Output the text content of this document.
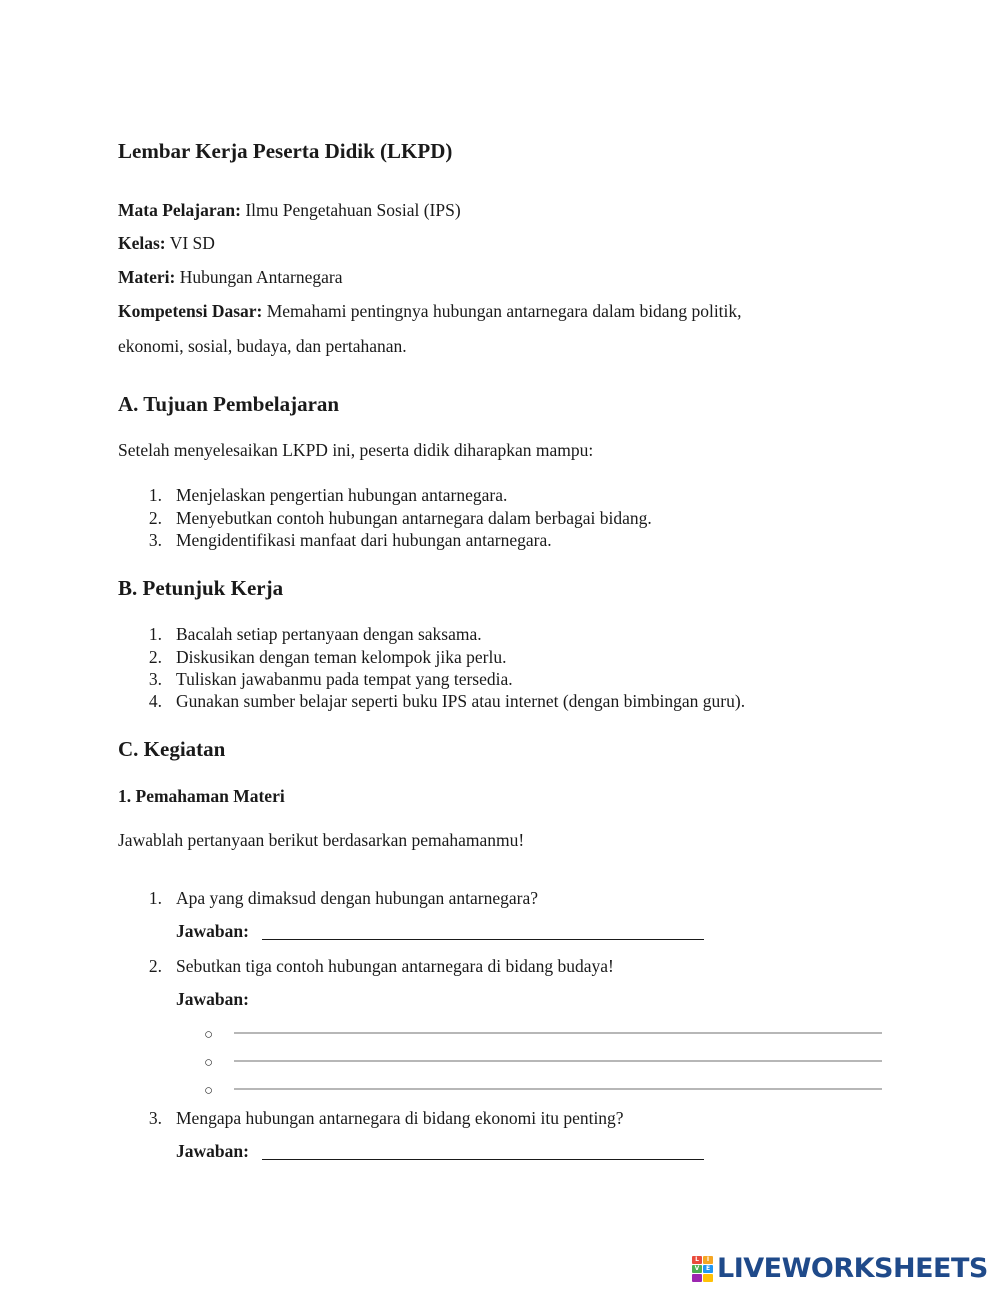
Lembar Kerja Peserta Didik (LKPD)
Mata Pelajaran: Ilmu Pengetahuan Sosial (IPS)
Kelas: VI SD
Materi: Hubungan Antarnegara
Kompetensi Dasar: Memahami pentingnya hubungan antarnegara dalam bidang politik,
ekonomi, sosial, budaya, dan pertahanan.
A. Tujuan Pembelajaran
Setelah menyelesaikan LKPD ini, peserta didik diharapkan mampu:
1. Menjelaskan pengertian hubungan antarnegara.
2. Menyebutkan contoh hubungan antarnegara dalam berbagai bidang.
3. Mengidentifikasi manfaat dari hubungan antarnegara.
B. Petunjuk Kerja
1. Bacalah setiap pertanyaan dengan saksama.
2. Diskusikan dengan teman kelompok jika perlu.
3. Tuliskan jawabanmu pada tempat yang tersedia.
4. Gunakan sumber belajar seperti buku IPS atau internet (dengan bimbingan guru).
C. Kegiatan
1. Pemahaman Materi
Jawablah pertanyaan berikut berdasarkan pemahamanmu!
1. Apa yang dimaksud dengan hubungan antarnegara?
Jawaban:
2. Sebutkan tiga contoh hubungan antarnegara di bidang budaya!
Jawaban:
○
○
○
3. Mengapa hubungan antarnegara di bidang ekonomi itu penting?
Jawaban:
L	I
V	E LIVEWORKSHEETS
